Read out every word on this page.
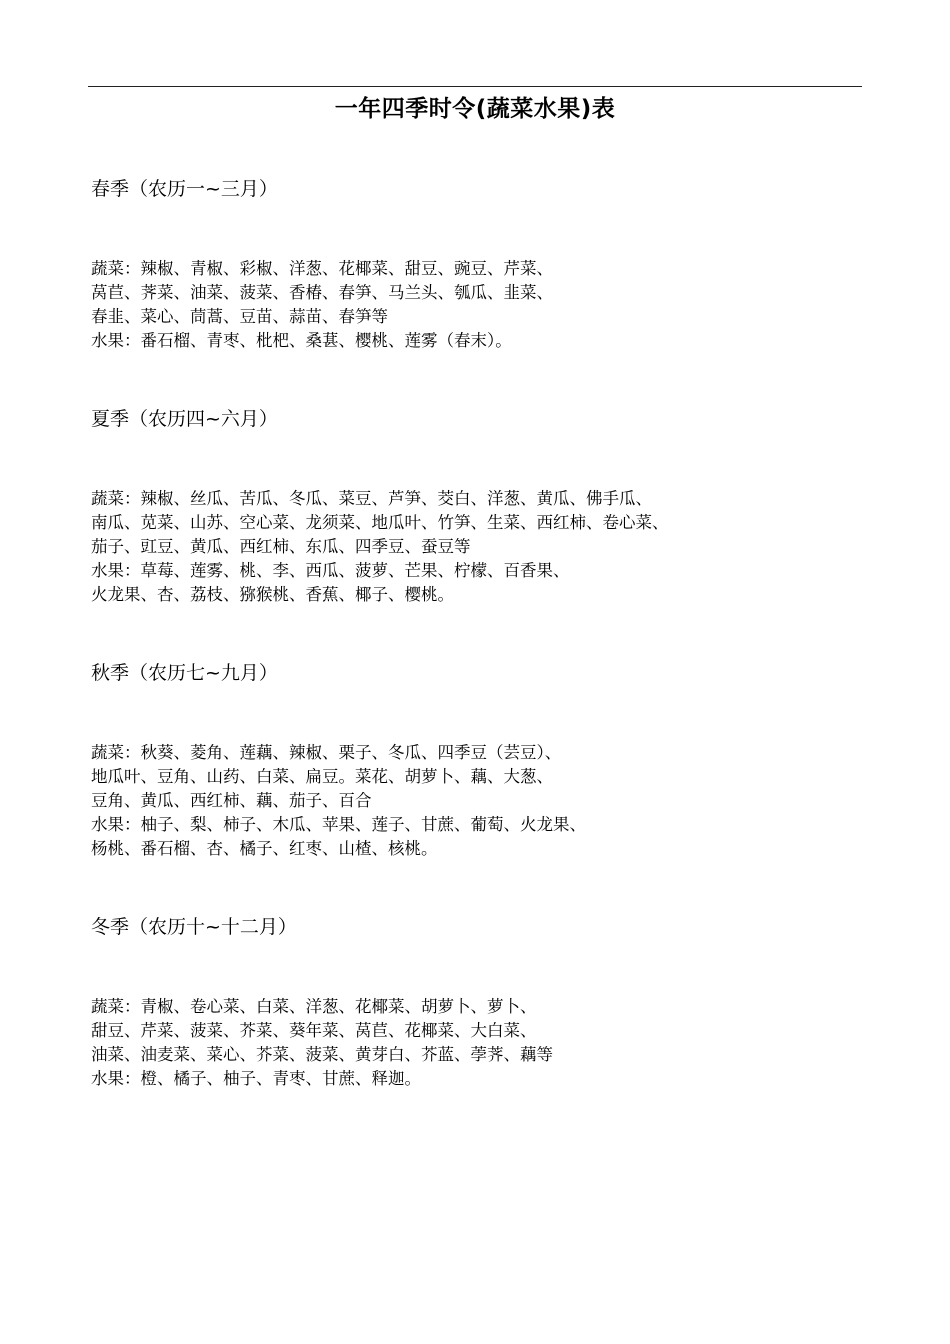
一年四季时令(蔬菜水果)表
春季（农历一~三月）
蔬菜：辣椒、青椒、彩椒、洋葱、花椰菜、甜豆、豌豆、芹菜、
莴苣、荠菜、油菜、菠菜、香椿、春笋、马兰头、瓠瓜、韭菜、
春韭、菜心、茼蒿、豆苗、蒜苗、春笋等
水果：番石榴、青枣、枇杷、桑葚、樱桃、莲雾（春末）。
夏季（农历四~六月）
蔬菜：辣椒、丝瓜、苦瓜、冬瓜、菜豆、芦笋、茭白、洋葱、黄瓜、佛手瓜、
南瓜、苋菜、山苏、空心菜、龙须菜、地瓜叶、竹笋、生菜、西红柿、卷心菜、
茄子、豇豆、黄瓜、西红柿、东瓜、四季豆、蚕豆等
水果：草莓、莲雾、桃、李、西瓜、菠萝、芒果、柠檬、百香果、
火龙果、杏、荔枝、猕猴桃、香蕉、椰子、樱桃。
秋季（农历七~九月）
蔬菜：秋葵、菱角、莲藕、辣椒、栗子、冬瓜、四季豆（芸豆）、
地瓜叶、豆角、山药、白菜、扁豆。菜花、胡萝卜、藕、大葱、
豆角、黄瓜、西红柿、藕、茄子、百合
水果：柚子、梨、柿子、木瓜、苹果、莲子、甘蔗、葡萄、火龙果、
杨桃、番石榴、杏、橘子、红枣、山楂、核桃。
冬季（农历十~十二月）
蔬菜：青椒、卷心菜、白菜、洋葱、花椰菜、胡萝卜、萝卜、
甜豆、芹菜、菠菜、芥菜、葵年菜、莴苣、花椰菜、大白菜、
油菜、油麦菜、菜心、芥菜、菠菜、黄芽白、芥蓝、荸荠、藕等
水果：橙、橘子、柚子、青枣、甘蔗、释迦。
